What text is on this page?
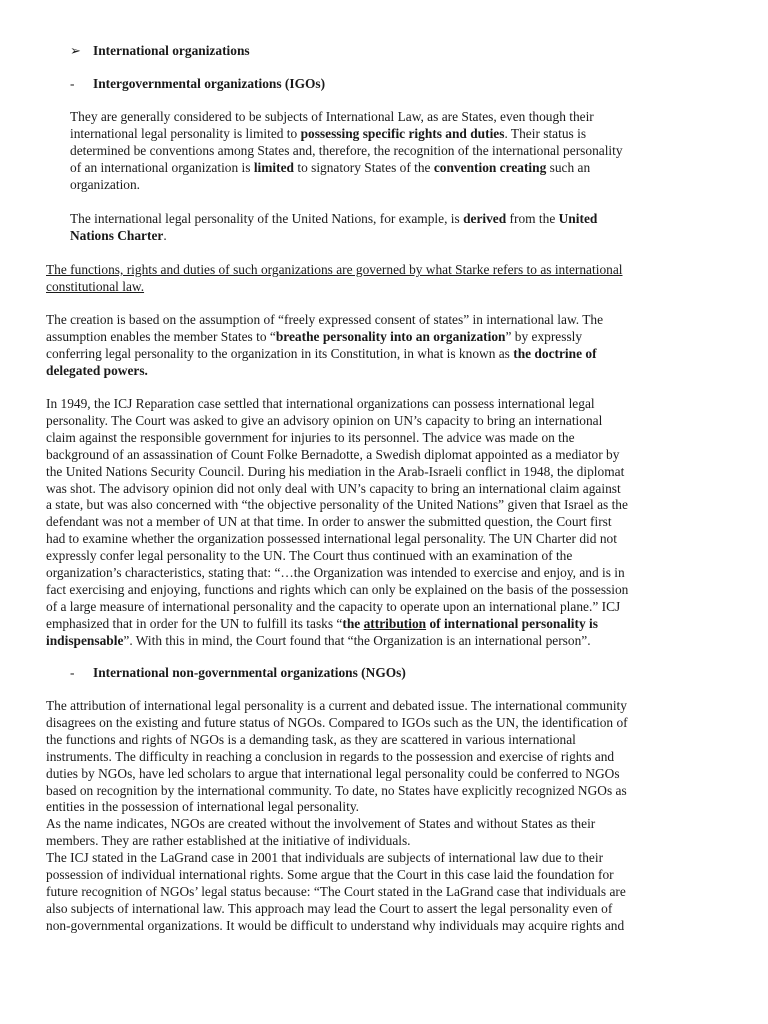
➢ International organizations

- Intergovernmental organizations (IGOs)

They are generally considered to be subjects of International Law, as are States, even though their
international legal personality is limited to possessing specific rights and duties. Their status is
determined be conventions among States and, therefore, the recognition of the international personality
of an international organization is limited to signatory States of the convention creating such an
organization.

The international legal personality of the United Nations, for example, is derived from the United
Nations Charter.

The functions, rights and duties of such organizations are governed by what Starke refers to as international
constitutional law.

The creation is based on the assumption of “freely expressed consent of states” in international law. The
assumption enables the member States to “breathe personality into an organization” by expressly
conferring legal personality to the organization in its Constitution, in what is known as the doctrine of
delegated powers.

In 1949, the ICJ Reparation case settled that international organizations can possess international legal
personality. The Court was asked to give an advisory opinion on UN’s capacity to bring an international
claim against the responsible government for injuries to its personnel. The advice was made on the
background of an assassination of Count Folke Bernadotte, a Swedish diplomat appointed as a mediator by
the United Nations Security Council. During his mediation in the Arab-Israeli conflict in 1948, the diplomat
was shot. The advisory opinion did not only deal with UN’s capacity to bring an international claim against
a state, but was also concerned with “the objective personality of the United Nations” given that Israel as the
defendant was not a member of UN at that time. In order to answer the submitted question, the Court first
had to examine whether the organization possessed international legal personality. The UN Charter did not
expressly confer legal personality to the UN. The Court thus continued with an examination of the
organization’s characteristics, stating that: “…the Organization was intended to exercise and enjoy, and is in
fact exercising and enjoying, functions and rights which can only be explained on the basis of the possession
of a large measure of international personality and the capacity to operate upon an international plane.” ICJ
emphasized that in order for the UN to fulfill its tasks “the attribution of international personality is
indispensable”. With this in mind, the Court found that “the Organization is an international person”.

- International non-governmental organizations (NGOs)

The attribution of international legal personality is a current and debated issue. The international community
disagrees on the existing and future status of NGOs. Compared to IGOs such as the UN, the identification of
the functions and rights of NGOs is a demanding task, as they are scattered in various international
instruments. The difficulty in reaching a conclusion in regards to the possession and exercise of rights and
duties by NGOs, have led scholars to argue that international legal personality could be conferred to NGOs
based on recognition by the international community. To date, no States have explicitly recognized NGOs as
entities in the possession of international legal personality.
As the name indicates, NGOs are created without the involvement of States and without States as their
members. They are rather established at the initiative of individuals.
The ICJ stated in the LaGrand case in 2001 that individuals are subjects of international law due to their
possession of individual international rights. Some argue that the Court in this case laid the foundation for
future recognition of NGOs’ legal status because: “The Court stated in the LaGrand case that individuals are
also subjects of international law. This approach may lead the Court to assert the legal personality even of
non-governmental organizations. It would be difficult to understand why individuals may acquire rights and
